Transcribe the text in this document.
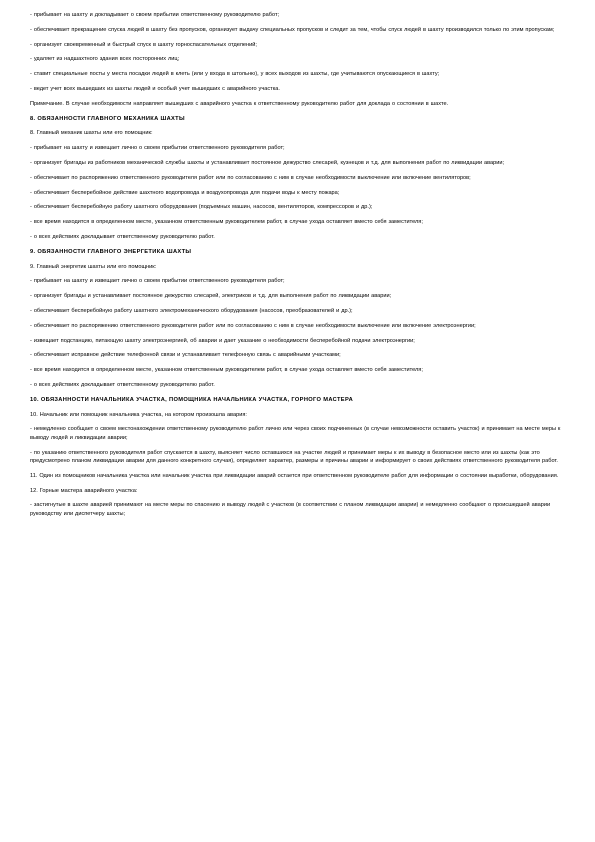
- прибывает на шахту и докладывает о своем прибытии ответственному руководителю работ;
- обеспечивает прекращение спуска людей в шахту без пропусков, организует выдачу специальных пропусков и следит за тем, чтобы спуск людей в шахту производился только по этим пропускам;
- организует своевременный и быстрый спуск в шахту горноспасательных отделений;
- удаляет из надшахтного здания всех посторонних лиц;
- ставит специальные посты у места посадки людей в клеть (или у входа в штольню), у всех выходов из шахты, где учитываются опускающиеся в шахту;
- ведет учет всех вышедших из шахты людей и особый учет вышедших с аварийного участка.
Примечание. В случае необходимости направляет вышедших с аварийного участка к ответственному руководителю работ для доклада о состоянии в шахте.
8. ОБЯЗАННОСТИ ГЛАВНОГО МЕХАНИКА ШАХТЫ
8. Главный механик шахты или его помощник:
- прибывает на шахту и извещает лично о своем прибытии ответственного руководителя работ;
- организует бригады из работников механической службы шахты и устанавливает постоянное дежурство слесарей, кузнецов и т.д. для выполнения работ по ликвидации аварии;
- обеспечивает по распоряжению ответственного руководителя работ или по согласованию с ним в случае необходимости выключение или включение вентиляторов;
- обеспечивает бесперебойное действие шахтного водопровода и воздухопровода для подачи воды к месту пожара;
- обеспечивает бесперебойную работу шахтного оборудования (подъемных машин, насосов, вентиляторов, компрессоров и др.);
- все время находится в определенном месте, указанном ответственным руководителем работ, в случае ухода оставляет вместо себя заместителя;
- о всех действиях докладывает ответственному руководителю работ.
9. ОБЯЗАННОСТИ ГЛАВНОГО ЭНЕРГЕТИКА ШАХТЫ
9. Главный энергетик шахты или его помощник:
- прибывает на шахту и извещает лично о своем прибытии ответственного руководителя работ;
- организует бригады и устанавливает постоянное дежурство слесарей, электриков и т.д. для выполнения работ по ликвидации аварии;
- обеспечивает бесперебойную работу шахтного электромеханического оборудования (насосов, преобразователей и др.);
- обеспечивает по распоряжению ответственного руководителя работ или по согласованию с ним в случае необходимости выключение или включение электроэнергии;
- извещает подстанцию, питающую шахту электроэнергией, об аварии и дает указание о необходимости бесперебойной подачи электроэнергии;
- обеспечивает исправное действие телефонной связи и устанавливает телефонную связь с аварийными участками;
- все время находится в определенном месте, указанном ответственным руководителем работ, в случае ухода оставляет вместо себя заместителя;
- о всех действиях докладывает ответственному руководителю работ.
10. ОБЯЗАННОСТИ НАЧАЛЬНИКА УЧАСТКА, ПОМОЩНИКА НАЧАЛЬНИКА УЧАСТКА, ГОРНОГО МАСТЕРА
10. Начальник или помощник начальника участка, на котором произошла авария:
- немедленно сообщает о своем местонахождении ответственному руководителю работ лично или через своих подчиненных (в случае невозможности оставить участок) и принимает на месте меры к выводу людей и ликвидации аварии;
- по указанию ответственного руководителя работ спускается в шахту, выясняет число оставшихся на участке людей и принимает меры к их выводу в безопасное место или из шахты (как это предусмотрено планом ликвидации аварии для данного конкретного случая), определяет характер, размеры и причины аварии и информирует о своих действиях ответственного руководителя работ.
11. Один из помощников начальника участка или начальник участка при ликвидации аварий остается при ответственном руководителе работ для информации о состоянии выработки, оборудования.
12. Горные мастера аварийного участка:
- застигнутые в шахте аварией принимают на месте меры по спасению и выводу людей с участков (в соответствии с планом ликвидации аварии) и немедленно сообщают о происшедшей аварии руководству или диспетчеру шахты;
